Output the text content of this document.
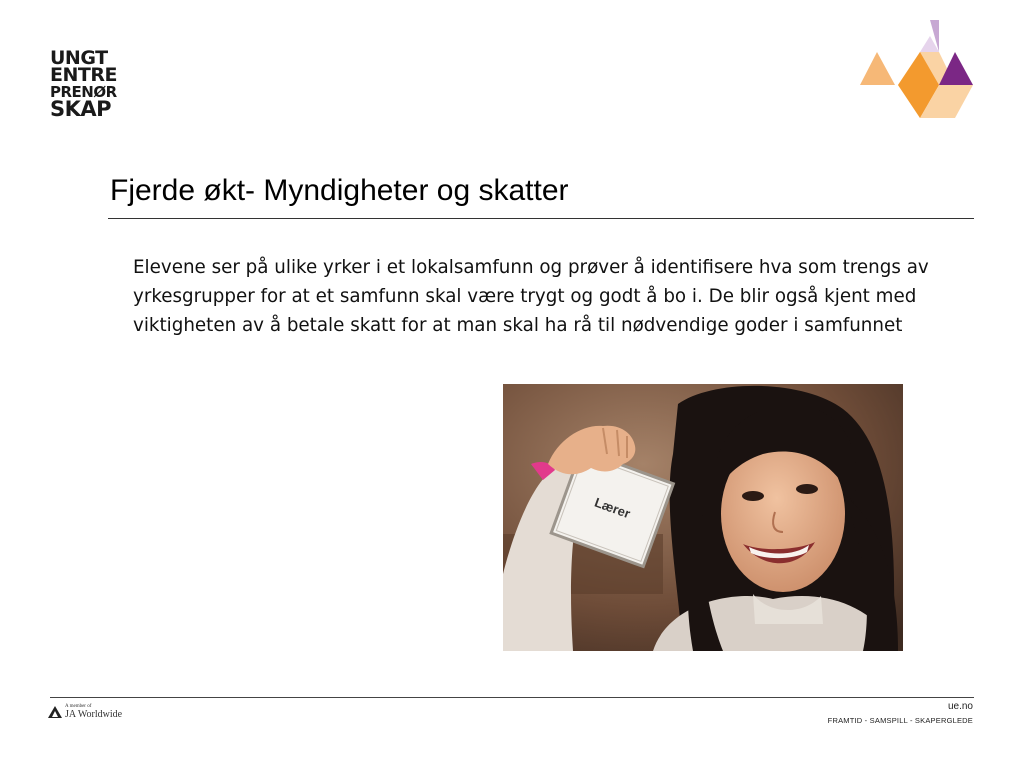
UNGT
ENTRE
PRENØR
SKAP
Fjerde økt- Myndigheter og skatter

Elevene ser på ulike yrker i et lokalsamfunn og prøver å identifisere hva som trengs av yrkesgrupper for at et samfunn skal være trygt og godt å bo i. De blir også kjent med viktigheten av å betale skatt for at man skal ha rå til nødvendige goder i samfunnet

Lærer
A member of
JA Worldwide
ue.no
FRAMTID - SAMSPILL - SKAPERGLEDE
